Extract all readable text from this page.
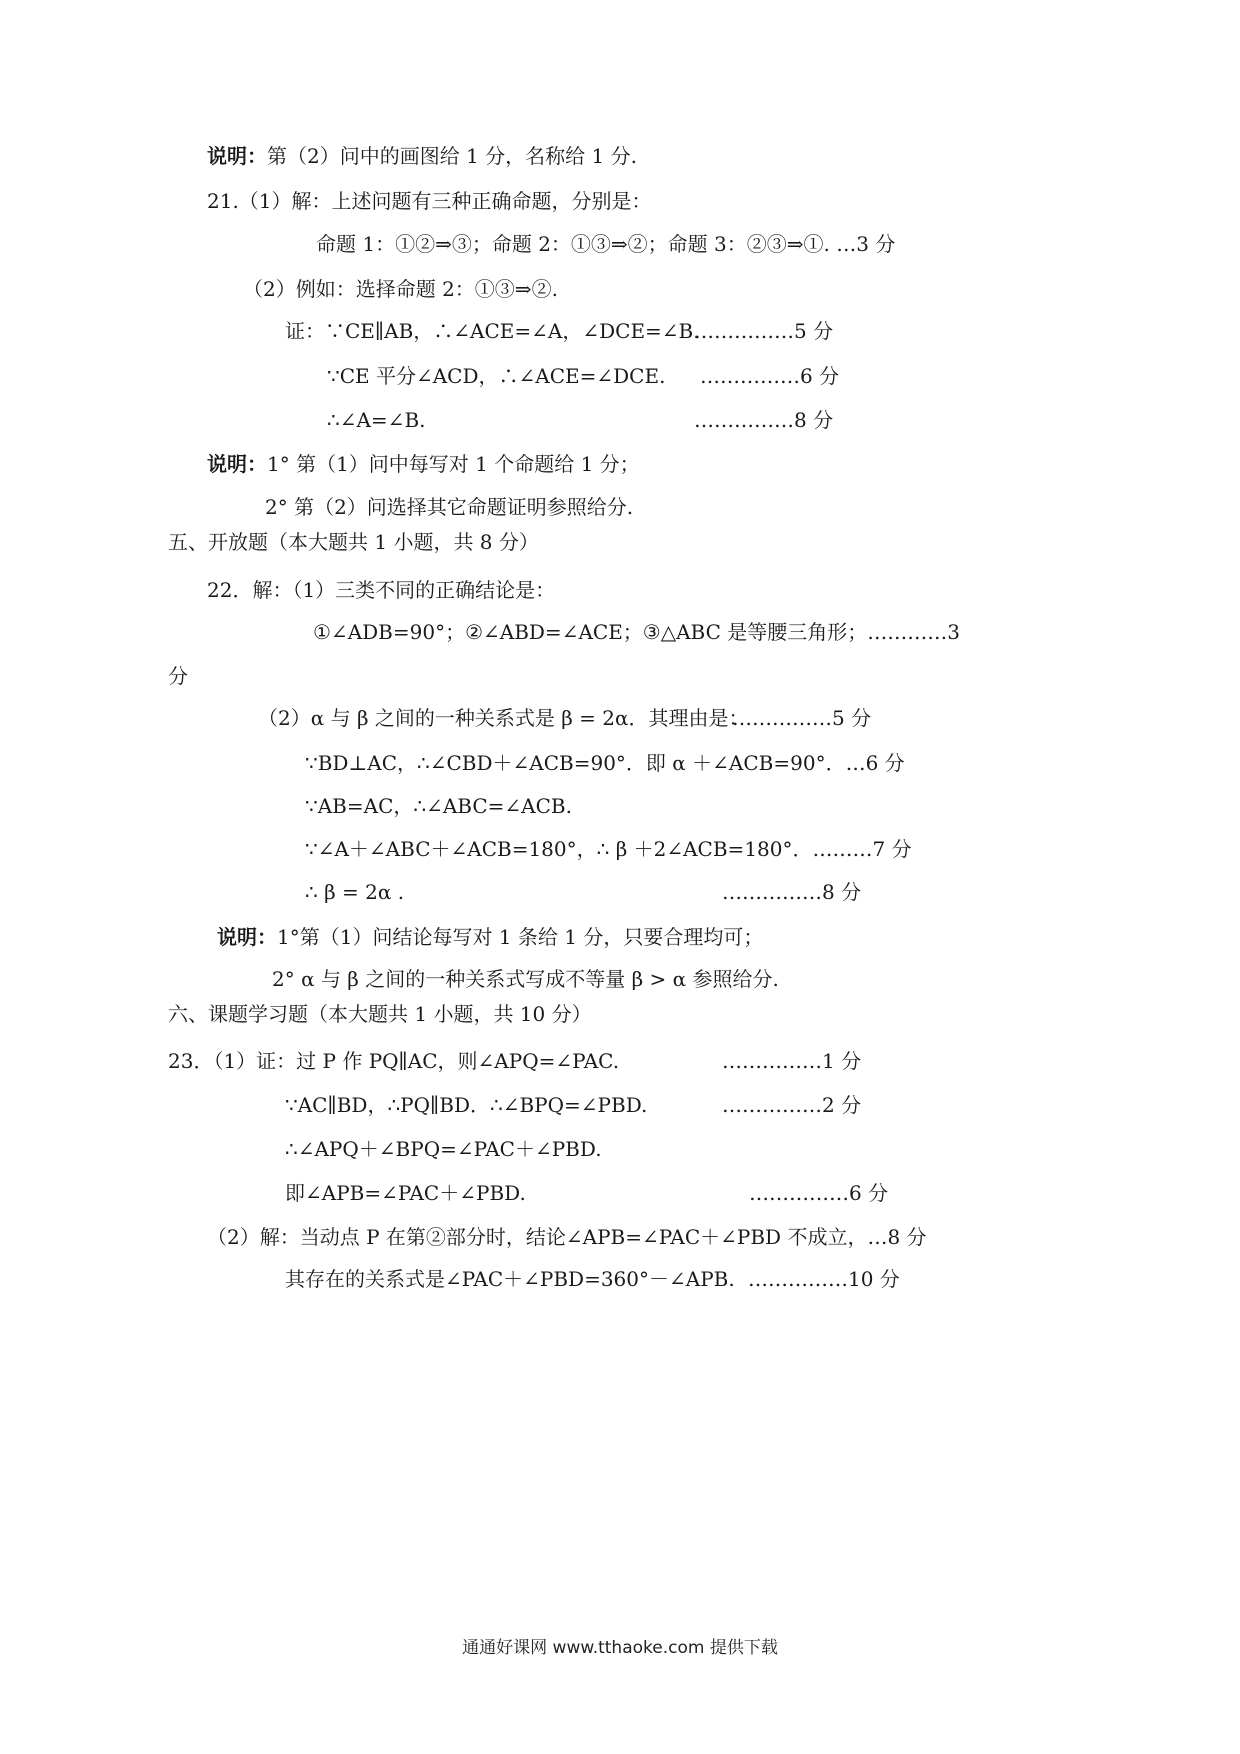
说明：第（2）问中的画图给 1 分，名称给 1 分.
21.（1）解：上述问题有三种正确命题，分别是：
命题 1：①②⇒③；命题 2：①③⇒②；命题 3：②③⇒①. …3 分
（2）例如：选择命题 2：①③⇒②.
证：∵CE∥AB，∴∠ACE=∠A，∠DCE=∠B.
……………5 分
∵CE 平分∠ACD，∴∠ACE=∠DCE. ……………6 分
∴∠A=∠B.	……………8 分
说明：1° 第（1）问中每写对 1 个命题给 1 分；
2° 第（2）问选择其它命题证明参照给分.
五、开放题（本大题共 1 小题，共 8 分）
22．解：（1）三类不同的正确结论是：
①∠ADB=90°；②∠ABD=∠ACE；③△ABC 是等腰三角形；…………3
分
（2）α 与 β 之间的一种关系式是 β = 2α．其理由是：
……………5 分
∵BD⊥AC，∴∠CBD＋∠ACB=90°．即 α ＋∠ACB=90°．…6 分
∵AB=AC，∴∠ABC=∠ACB.
∵∠A＋∠ABC＋∠ACB=180°，∴ β ＋2∠ACB=180°．………7 分
∴ β = 2α .	……………8 分
说明：1°第（1）问结论每写对 1 条给 1 分，只要合理均可；
2° α 与 β 之间的一种关系式写成不等量 β > α 参照给分.
六、课题学习题（本大题共 1 小题，共 10 分）
23．（1）证：过 P 作 PQ∥AC，则∠APQ=∠PAC.	……………1 分
∵AC∥BD，∴PQ∥BD．∴∠BPQ=∠PBD.	……………2 分
∴∠APQ＋∠BPQ=∠PAC＋∠PBD.
即∠APB=∠PAC＋∠PBD.	……………6 分
（2）解：当动点 P 在第②部分时，结论∠APB=∠PAC＋∠PBD 不成立，…8 分
其存在的关系式是∠PAC＋∠PBD=360°－∠APB. ……………10 分
通通好课网 www.tthaoke.com 提供下载
